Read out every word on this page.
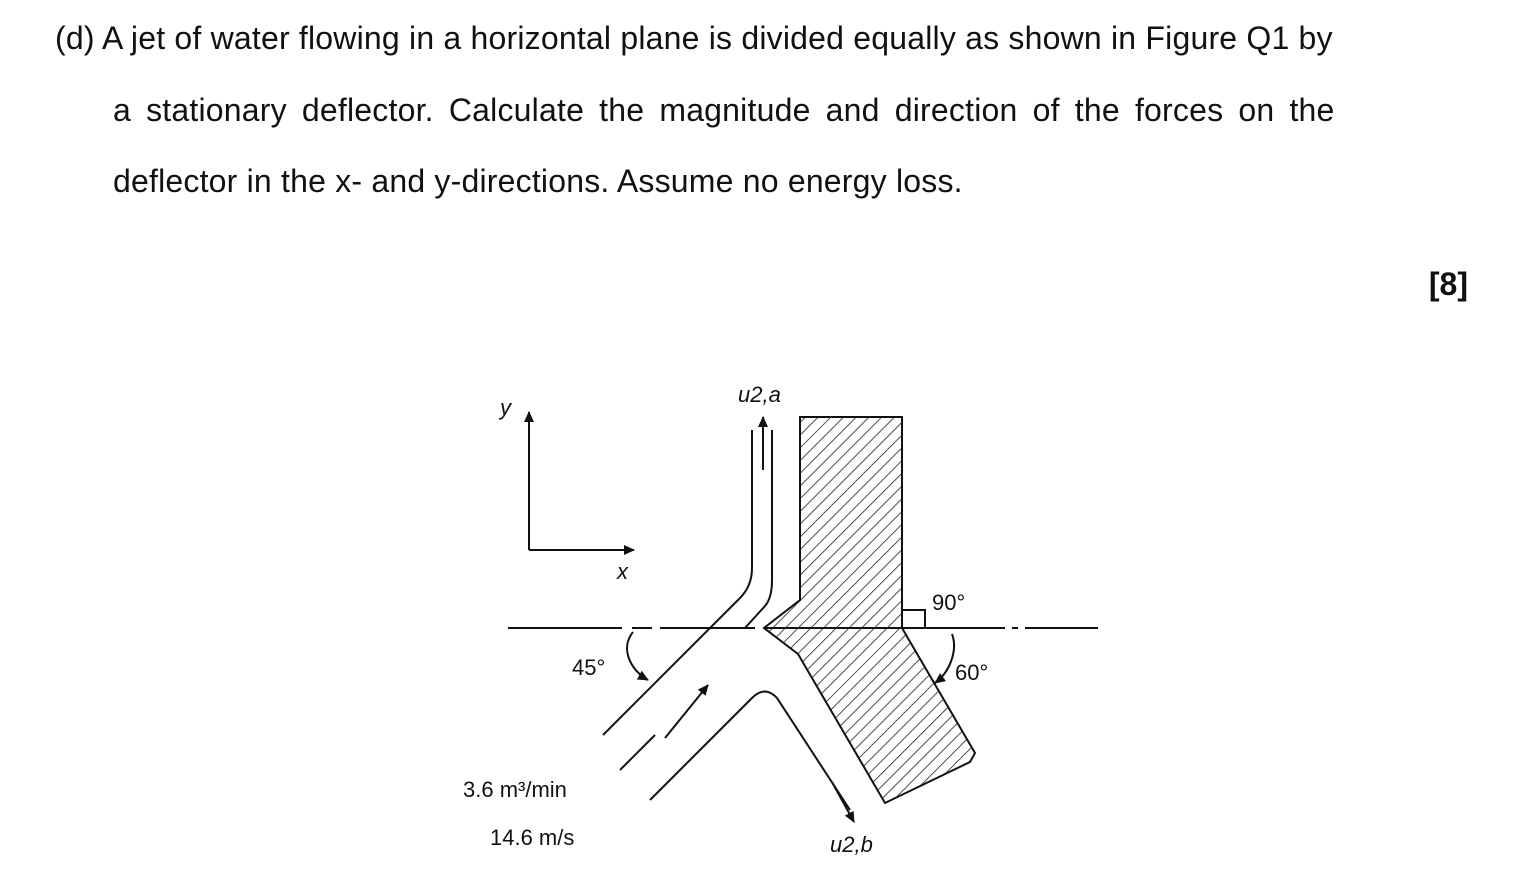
(d) A jet of water flowing in a horizontal plane is divided equally as shown in Figure Q1 by
a stationary deflector. Calculate the magnitude and direction of the forces on the
deflector in the x- and y-directions. Assume no energy loss.
[8]
y
x
90°
60°
45°
u2,a
u2,b
3.6 m³/min
14.6 m/s
